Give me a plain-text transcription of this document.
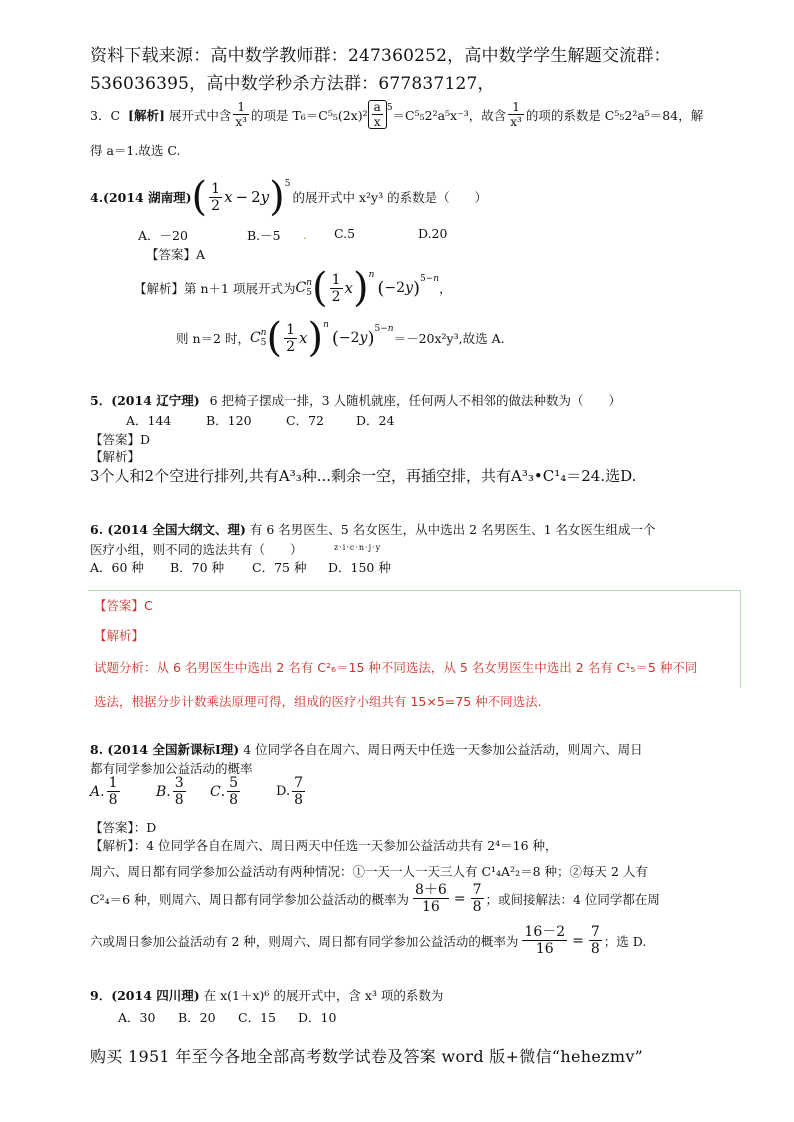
资料下载来源：高中数学教师群：247360252，高中数学学生解题交流群：
536036395，高中数学秒杀方法群：677837127，
3．C [解析] 展开式中含 $\frac{1}{\text{x³}}$ 的项是 $T_6=C^5_5(2x)^2 \frac{a}{x} ^5 =C^5_52^2a^5x^{-3}$，故含 $\frac{1}{\text{x³}}$ 的项的系数是 C⁵₅2²a⁵＝84，解
得 a＝1.故选 C.
4.(2014 湖南理) ( $\frac{1}{2}$ x − 2 y )$^5$
的展开式中 x²y³ 的系数是（　　）
A．－20	B.－5 . C.5	D.20
【答案】A
【解析】 第 n＋1 项展开式为 C n
5 ( $\frac{1}{2}$ x ) $^n$
( −2 y )$^{5-n}$
，
则 n＝2 时， C n
5 ( $\frac{1}{2}$ x ) $^n$
( −2 y )$^{5-n}$
＝－20x²y³,故选 A.
5．(2014 辽宁理) 6 把椅子摆成一排，3 人随机就座，任何两人不相邻的做法种数为（　　）
A．144	B．120	C．72	D．24
【答案】D
【解析】
3个人和2个空进行排列,共有A³₃种...剩余一空，再插空排，共有A³₃•C¹₄＝24.选D.
6. (2014 全国大纲文、理) 有 6 名男医生、5 名女医生，从中选出 2 名男医生、1 名女医生组成一个
医疗小组，则不同的选法共有（　　）	z·i·c·n·j·y
A．60 种 B．70 种 C．75 种 D．150 种
【答案】C
【解析】
试题分析：从 6 名男医生中选出 2 名有 C²₆＝15 种不同选法，从 5 名女男医生中选出 2 名有 C¹₅＝5 种不同
选法，根据分步计数乘法原理可得，组成的医疗小组共有 15×5=75 种不同选法.
8. (2014 全国新课标Ⅰ理) 4 位同学各自在周六、周日两天中任选一天参加公益活动，则周六、周日
都有同学参加公益活动的概率
A . $\frac{1}{8}$	B . $\frac{3}{8}$ C . $\frac{5}{8}$	D. $\frac{7}{8}$
【答案】：D
【解析】：4 位同学各自在周六、周日两天中任选一天参加公益活动共有 2⁴＝16 种，
周六、周日都有同学参加公益活动有两种情况：①一天一人一天三人有 C¹₄A²₂＝8 种；②每天 2 人有
C²₄＝6 种，则周六、周日都有同学参加公益活动的概率为 $\frac{8+6}{16} = \frac{7}{8}$ ；或间接解法：4 位同学都在周
六或周日参加公益活动有 2 种，则周六、周日都有同学参加公益活动的概率为 $\frac{16-2}{16} = \frac{7}{8}$ ；选 D.
9．(2014 四川理) 在 x(1＋x)⁶ 的展开式中，含 x³ 项的系数为
A．30 B．20 C．15 D．10
购买 1951 年至今各地全部高考数学试卷及答案 word 版+微信“hehezmv”
